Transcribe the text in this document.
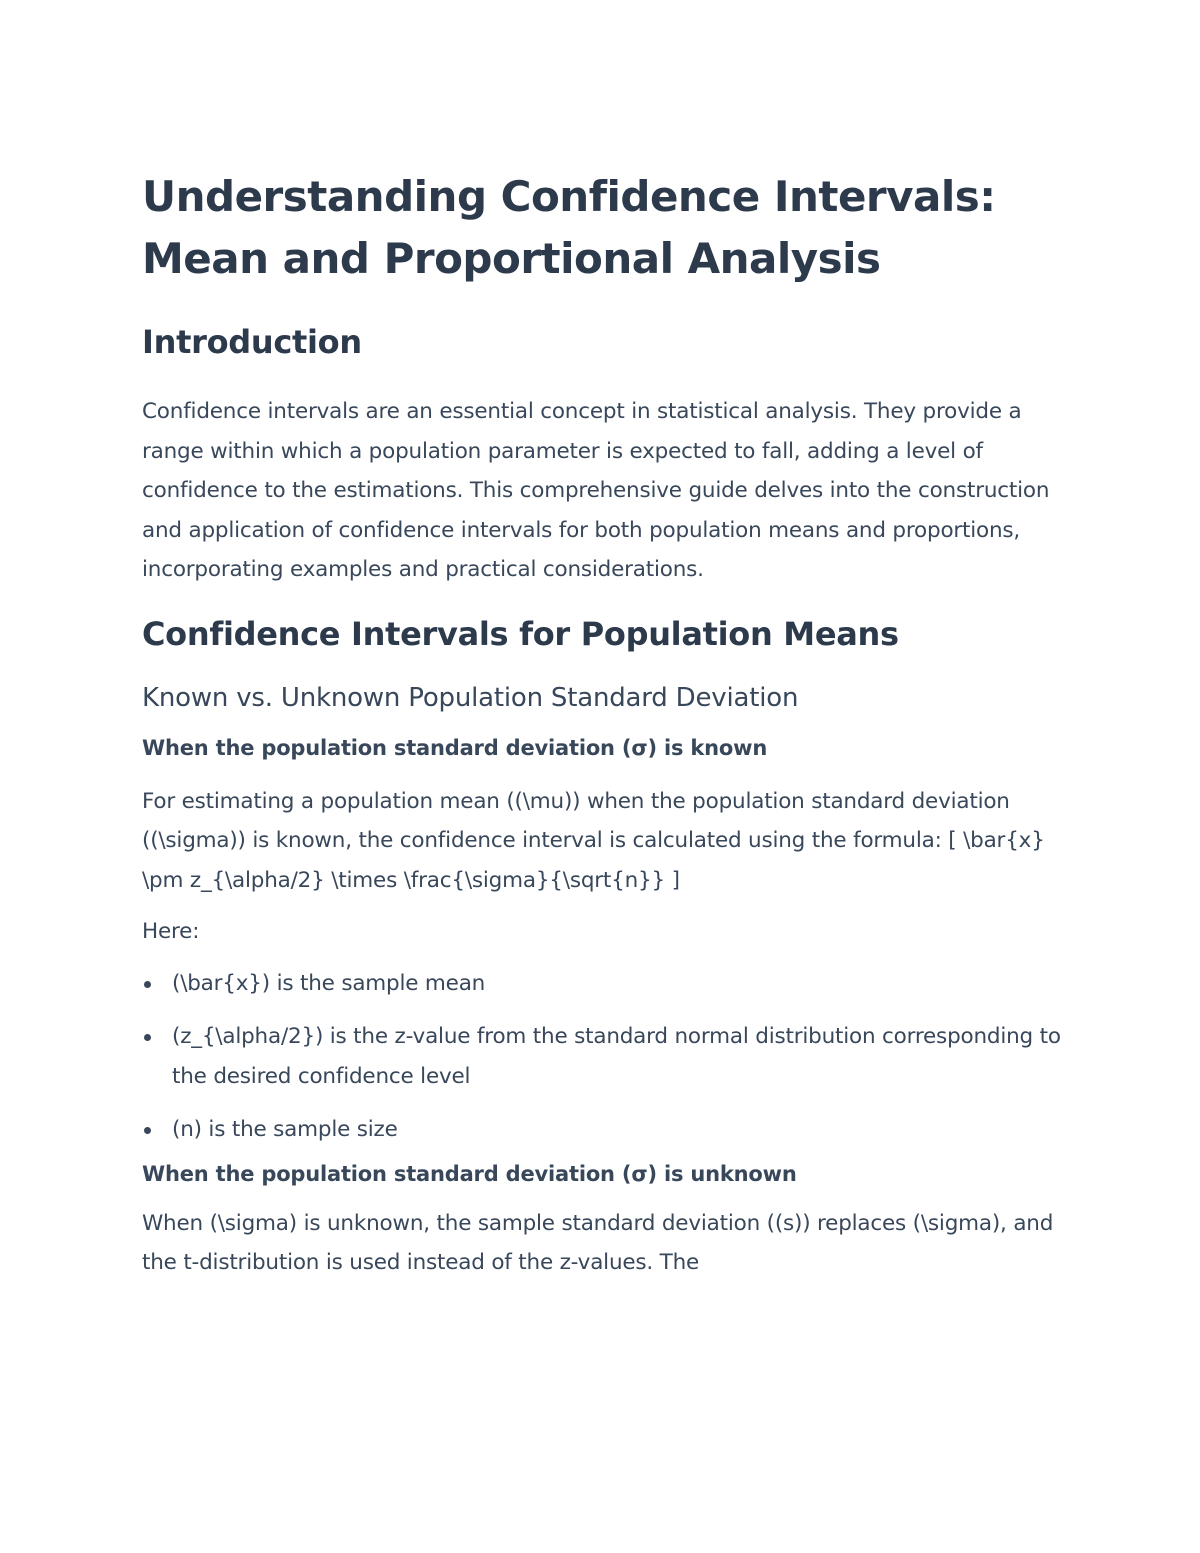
Understanding Confidence Intervals: Mean and Proportional Analysis
Introduction

Confidence intervals are an essential concept in statistical analysis. They provide a range within which a population parameter is expected to fall, adding a level of confidence to the estimations. This comprehensive guide delves into the construction and application of confidence intervals for both population means and proportions, incorporating examples and practical considerations.

Confidence Intervals for Population Means
Known vs. Unknown Population Standard Deviation
When the population standard deviation (σ) is known

For estimating a population mean ((\mu)) when the population standard deviation ((\sigma)) is known, the confidence interval is calculated using the formula: [ \bar{x} \pm z_{\alpha/2} \times \frac{\sigma}{\sqrt{n}} ]

Here:

(\bar{x}) is the sample mean
(z_{\alpha/2}) is the z-value from the standard normal distribution corresponding to the desired confidence level
(n) is the sample size
When the population standard deviation (σ) is unknown

When (\sigma) is unknown, the sample standard deviation ((s)) replaces (\sigma), and the t-distribution is used instead of the z-values. The
